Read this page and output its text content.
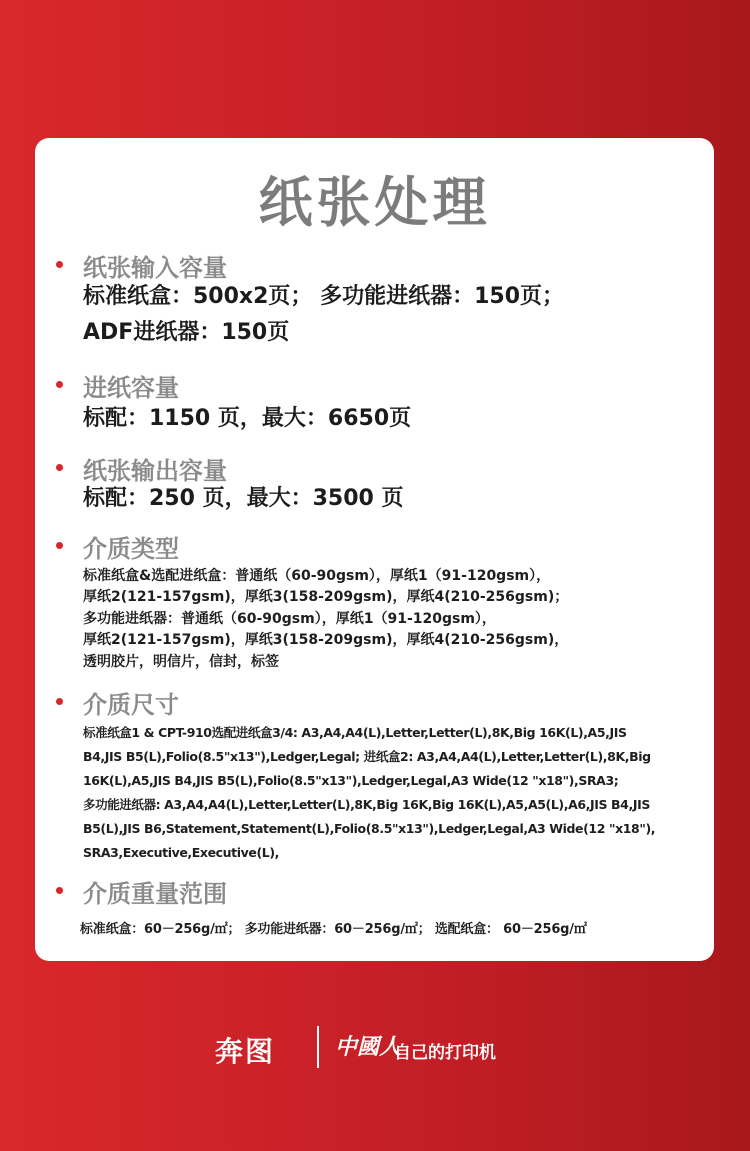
纸张处理
纸张输入容量
标准纸盒：500x2页； 多功能进纸器：150页；
ADF进纸器：150页
进纸容量
标配：1150 页，最大：6650页
纸张输出容量
标配：250 页，最大：3500 页
介质类型
标准纸盒&选配进纸盒：普通纸（60-90gsm），厚纸1（91-120gsm），
厚纸2(121-157gsm)，厚纸3(158-209gsm)，厚纸4(210-256gsm)；
多功能进纸器：普通纸（60-90gsm），厚纸1（91-120gsm），
厚纸2(121-157gsm)，厚纸3(158-209gsm)，厚纸4(210-256gsm)，
透明胶片，明信片，信封，标签
介质尺寸
标准纸盒1 & CPT-910选配进纸盒3/4: A3,A4,A4(L),Letter,Letter(L),8K,Big 16K(L),A5,JIS
B4,JIS B5(L),Folio(8.5"x13"),Ledger,Legal; 进纸盒2: A3,A4,A4(L),Letter,Letter(L),8K,Big
16K(L),A5,JIS B4,JIS B5(L),Folio(8.5"x13"),Ledger,Legal,A3 Wide(12 "x18"),SRA3;
多功能进纸器: A3,A4,A4(L),Letter,Letter(L),8K,Big 16K,Big 16K(L),A5,A5(L),A6,JIS B4,JIS
B5(L),JIS B6,Statement,Statement(L),Folio(8.5"x13"),Ledger,Legal,A3 Wide(12 "x18"),
SRA3,Executive,Executive(L),
介质重量范围
标准纸盒：60－256g/㎡； 多功能进纸器：60－256g/㎡； 选配纸盒： 60－256g/㎡
奔图	中國人
自己的打印机
